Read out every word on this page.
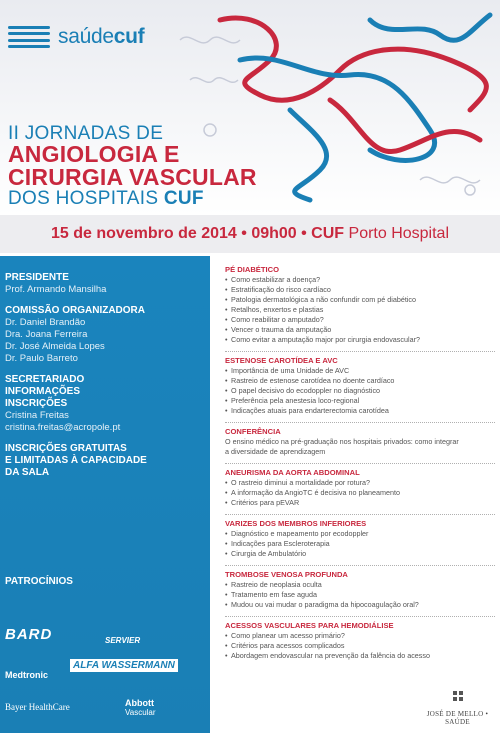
saúdecuf
II JORNADAS DE
ANGIOLOGIA E
CIRURGIA VASCULAR
DOS HOSPITAIS CUF
15 de novembro de 2014 • 09h00 • CUF Porto Hospital
PRESIDENTE
Prof. Armando Mansilha
COMISSÃO ORGANIZADORA
Dr. Daniel Brandão
Dra. Joana Ferreira
Dr. José Almeida Lopes
Dr. Paulo Barreto
SECRETARIADO
INFORMAÇÕES
INSCRIÇÕES
Cristina Freitas
cristina.freitas@acropole.pt
INSCRIÇÕES GRATUITAS
E LIMITADAS À CAPACIDADE
DA SALA
PATROCÍNIOS
BARD	SERVIER
Medtronic
ALFA WASSERMANN
Bayer HealthCare	Abbott
Vascular
PÉ DIABÉTICO
• Como estabilizar a doença?
• Estratificação do risco cardíaco
• Patologia dermatológica a não confundir com pé diabético
• Retalhos, enxertos e plastias
• Como reabilitar o amputado?
• Vencer o trauma da amputação
• Como evitar a amputação major por cirurgia endovascular?
ESTENOSE CAROTÍDEA E AVC
• Importância de uma Unidade de AVC
• Rastreio de estenose carotídea no doente cardíaco
• O papel decisivo do ecodoppler no diagnóstico
• Preferência pela anestesia loco-regional
• Indicações atuais para endarterectomia carotídea
CONFERÊNCIA
O ensino médico na pré-graduação nos hospitais privados: como integrar
a diversidade de aprendizagem
ANEURISMA DA AORTA ABDOMINAL
• O rastreio diminui a mortalidade por rotura?
• A informação da AngioTC é decisiva no planeamento
• Critérios para pEVAR
VARIZES DOS MEMBROS INFERIORES
• Diagnóstico e mapeamento por ecodoppler
• Indicações para Escleroterapia
• Cirurgia de Ambulatório
TROMBOSE VENOSA PROFUNDA
• Rastreio de neoplasia oculta
• Tratamento em fase aguda
• Mudou ou vai mudar o paradigma da hipocoagulação oral?
ACESSOS VASCULARES PARA HEMODIÁLISE
• Como planear um acesso primário?
• Critérios para acessos complicados
• Abordagem endovascular na prevenção da falência do acesso
JOSÉ DE MELLO • SAÚDE
